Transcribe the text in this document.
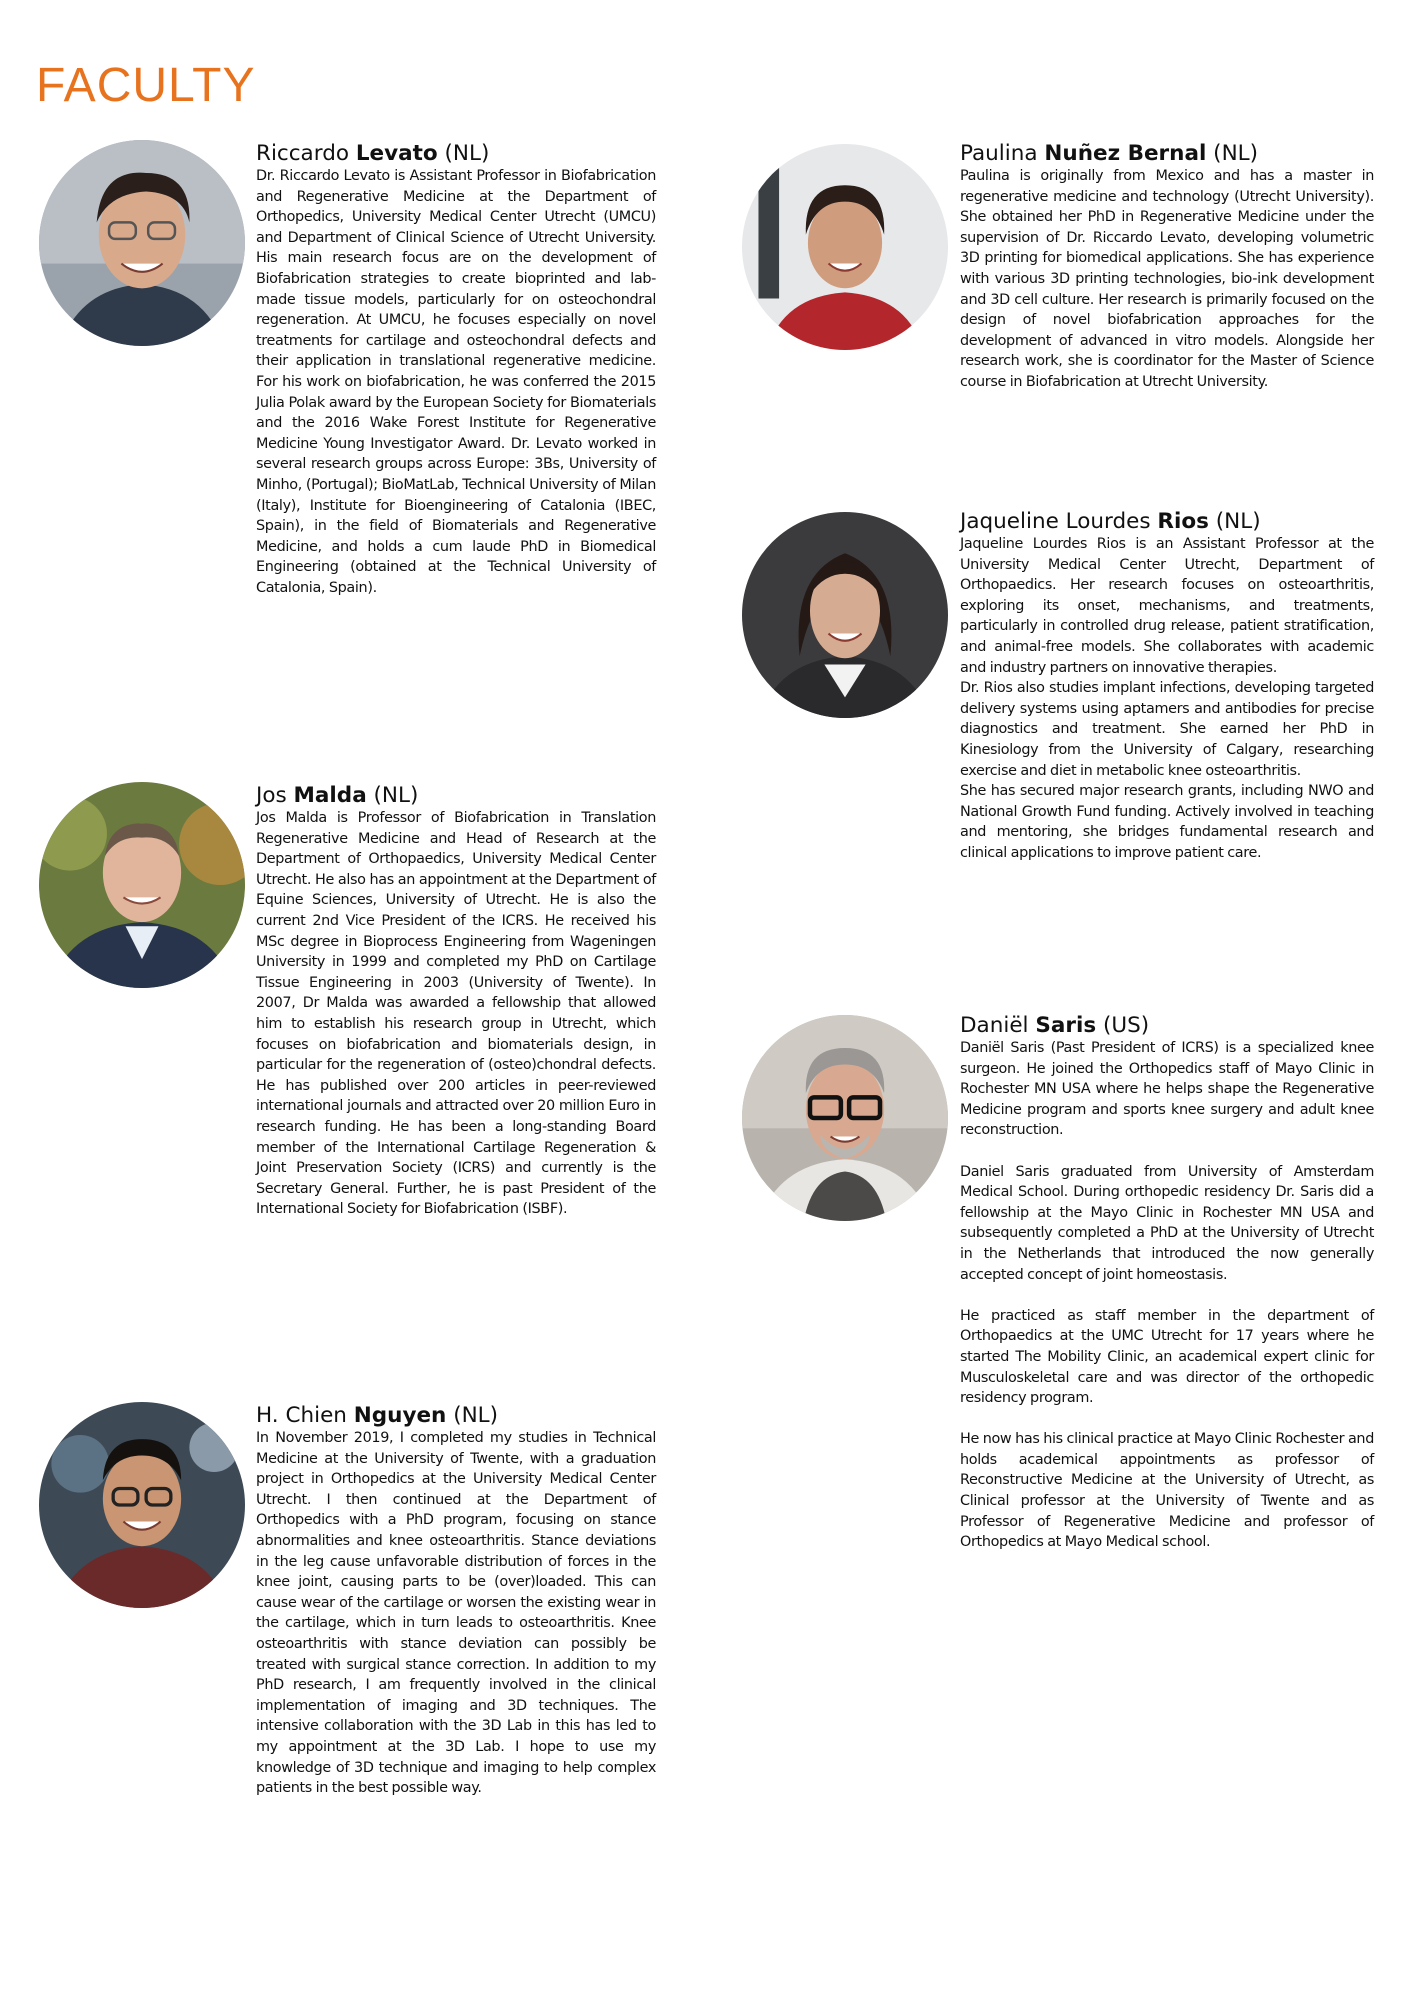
FACULTY

Riccardo Levato (NL)

Dr. Riccardo Levato is Assistant Professor in Biofabrication and Regenerative Medicine at the Department of Orthopedics, University Medical Center Utrecht (UMCU) and Department of Clinical Science of Utrecht University. His main research focus are on the development of Biofabrication strategies to create bioprinted and lab-made tissue models, particularly for on osteochondral regeneration. At UMCU, he focuses especially on novel treatments for cartilage and osteochondral defects and their application in translational regenerative medicine. For his work on biofabrication, he was conferred the 2015 Julia Polak award by the European Society for Biomaterials and the 2016 Wake Forest Institute for Regenerative Medicine Young Investigator Award. Dr. Levato worked in several research groups across Europe: 3Bs, University of Minho, (Portugal); BioMatLab, Technical University of Milan (Italy), Institute for Bioengineering of Catalonia (IBEC, Spain), in the field of Biomaterials and Regenerative Medicine, and holds a cum laude PhD in Biomedical Engineering (obtained at the Technical University of Catalonia, Spain).

Jos Malda (NL)

Jos Malda is Professor of Biofabrication in Translation Regenerative Medicine and Head of Research at the Department of Orthopaedics, University Medical Center Utrecht. He also has an appointment at the Department of Equine Sciences, University of Utrecht. He is also the current 2nd Vice President of the ICRS. He received his MSc degree in Bioprocess Engineering from Wageningen University in 1999 and completed my PhD on Cartilage Tissue Engineering in 2003 (University of Twente). In 2007, Dr Malda was awarded a fellowship that allowed him to establish his research group in Utrecht, which focuses on biofabrication and biomaterials design, in particular for the regeneration of (osteo)chondral defects. He has published over 200 articles in peer-reviewed international journals and attracted over 20 million Euro in research funding. He has been a long-standing Board member of the International Cartilage Regeneration & Joint Preservation Society (ICRS) and currently is the Secretary General. Further, he is past President of the International Society for Biofabrication (ISBF).

H. Chien Nguyen (NL)

In November 2019, I completed my studies in Technical Medicine at the University of Twente, with a graduation project in Orthopedics at the University Medical Center Utrecht. I then continued at the Department of Orthopedics with a PhD program, focusing on stance abnormalities and knee osteoarthritis. Stance deviations in the leg cause unfavorable distribution of forces in the knee joint, causing parts to be (over)loaded. This can cause wear of the cartilage or worsen the existing wear in the cartilage, which in turn leads to osteoarthritis. Knee osteoarthritis with stance deviation can possibly be treated with surgical stance correction. In addition to my PhD research, I am frequently involved in the clinical implementation of imaging and 3D techniques. The intensive collaboration with the 3D Lab in this has led to my appointment at the 3D Lab. I hope to use my knowledge of 3D technique and imaging to help complex patients in the best possible way.

Paulina Nuñez Bernal (NL)

Paulina is originally from Mexico and has a master in regenerative medicine and technology (Utrecht University). She obtained her PhD in Regenerative Medicine under the supervision of Dr. Riccardo Levato, developing volumetric 3D printing for biomedical applications. She has experience with various 3D printing technologies, bio-ink development and 3D cell culture. Her research is primarily focused on the design of novel biofabrication approaches for the development of advanced in vitro models. Alongside her research work, she is coordinator for the Master of Science course in Biofabrication at Utrecht University.

Jaqueline Lourdes Rios (NL)

Jaqueline Lourdes Rios is an Assistant Professor at the University Medical Center Utrecht, Department of Orthopaedics. Her research focuses on osteoarthritis, exploring its onset, mechanisms, and treatments, particularly in controlled drug release, patient stratification, and animal-free models. She collaborates with academic and industry partners on innovative therapies.

Dr. Rios also studies implant infections, developing targeted delivery systems using aptamers and antibodies for precise diagnostics and treatment. She earned her PhD in Kinesiology from the University of Calgary, researching exercise and diet in metabolic knee osteoarthritis.

She has secured major research grants, including NWO and National Growth Fund funding. Actively involved in teaching and mentoring, she bridges fundamental research and clinical applications to improve patient care.

Daniël Saris (US)

Daniël Saris (Past President of ICRS) is a specialized knee surgeon. He joined the Orthopedics staff of Mayo Clinic in Rochester MN USA where he helps shape the Regenerative Medicine program and sports knee surgery and adult knee reconstruction.

Daniel Saris graduated from University of Amsterdam Medical School. During orthopedic residency Dr. Saris did a fellowship at the Mayo Clinic in Rochester MN USA and subsequently completed a PhD at the University of Utrecht in the Netherlands that introduced the now generally accepted concept of joint homeostasis.

He practiced as staff member in the department of Orthopaedics at the UMC Utrecht for 17 years where he started The Mobility Clinic, an academical expert clinic for Musculoskeletal care and was director of the orthopedic residency program.

He now has his clinical practice at Mayo Clinic Rochester and holds academical appointments as professor of Reconstructive Medicine at the University of Utrecht, as Clinical professor at the University of Twente and as Professor of Regenerative Medicine and professor of Orthopedics at Mayo Medical school.
